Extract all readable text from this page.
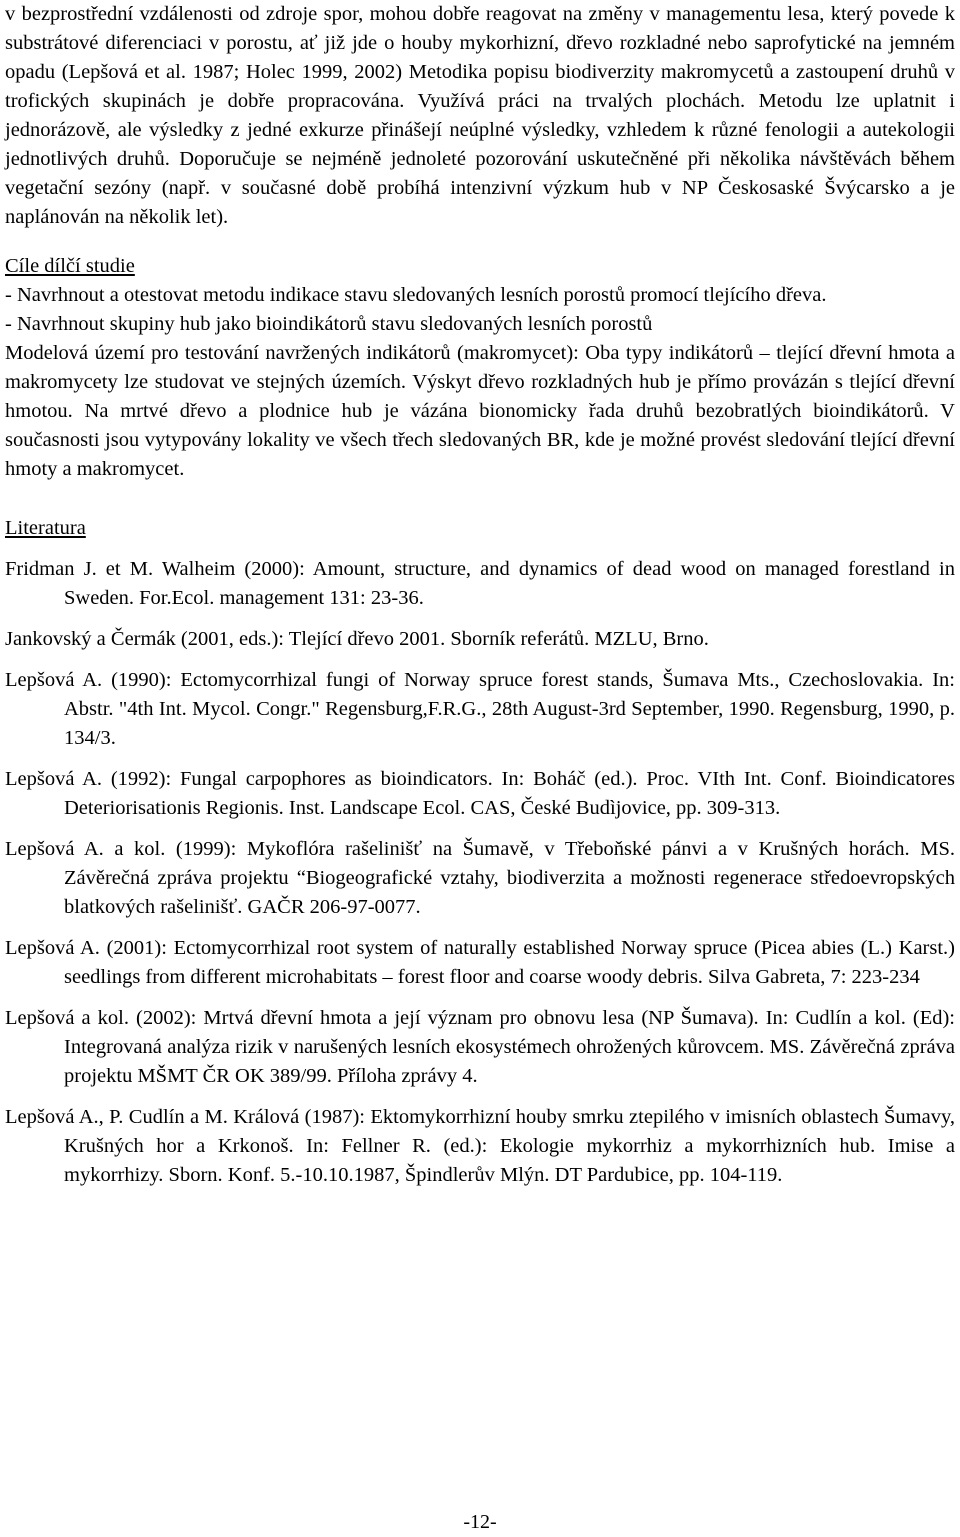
v bezprostřední vzdálenosti od zdroje spor, mohou dobře reagovat na změny v managementu lesa, který povede k substrátové diferenciaci v porostu, ať již jde o houby mykorhizní, dřevo rozkladné nebo saprofytické na jemném opadu (Lepšová et al. 1987; Holec 1999, 2002) Metodika popisu biodiverzity makromycetů a zastoupení druhů v trofických skupinách je dobře propracována. Využívá práci na trvalých plochách. Metodu lze uplatnit i jednorázově, ale výsledky z jedné exkurze přinášejí neúplné výsledky, vzhledem k různé fenologii a autekologii jednotlivých druhů. Doporučuje se nejméně jednoleté pozorování uskutečněné při několika návštěvách během vegetační sezóny (např. v současné době probíhá intenzivní výzkum hub v NP Českosaské Švýcarsko a je naplánován na několik let).

Cíle dílčí studie

- Navrhnout a otestovat metodu indikace stavu sledovaných lesních porostů promocí tlejícího dřeva.

- Navrhnout skupiny hub jako bioindikátorů stavu sledovaných lesních porostů

Modelová území pro testování navržených indikátorů (makromycet): Oba typy indikátorů – tlející dřevní hmota a makromycety lze studovat ve stejných územích. Výskyt dřevo rozkladných hub je přímo provázán s tlející dřevní hmotou. Na mrtvé dřevo a plodnice hub je vázána bionomicky řada druhů bezobratlých bioindikátorů. V současnosti jsou vytypovány lokality ve všech třech sledovaných BR, kde je možné provést sledování tlející dřevní hmoty a makromycet.

Literatura
Fridman J. et M. Walheim (2000): Amount, structure, and dynamics of dead wood on managed forestland in Sweden. For.Ecol. management 131: 23-36.
Jankovský a Čermák (2001, eds.): Tlející dřevo 2001. Sborník referátů. MZLU, Brno.
Lepšová A. (1990): Ectomycorrhizal fungi of Norway spruce forest stands, Šumava Mts., Czechoslovakia. In: Abstr. "4th Int. Mycol. Congr." Regensburg,F.R.G., 28th August-3rd September, 1990. Regensburg, 1990, p. 134/3.
Lepšová A. (1992): Fungal carpophores as bioindicators. In: Boháč (ed.). Proc. VIth Int. Conf. Bioindicatores Deteriorisationis Regionis. Inst. Landscape Ecol. CAS, České Budìjovice, pp. 309-313.
Lepšová A. a kol. (1999): Mykoflóra rašelinišť na Šumavě, v Třeboňské pánvi a v Krušných horách. MS. Závěrečná zpráva projektu “Biogeografické vztahy, biodiverzita a možnosti regenerace středoevropských blatkových rašelinišť. GAČR 206-97-0077.
Lepšová A. (2001): Ectomycorrhizal root system of naturally established Norway spruce (Picea abies (L.) Karst.) seedlings from different microhabitats – forest floor and coarse woody debris. Silva Gabreta, 7: 223-234
Lepšová a kol. (2002): Mrtvá dřevní hmota a její význam pro obnovu lesa (NP Šumava). In: Cudlín a kol. (Ed): Integrovaná analýza rizik v narušených lesních ekosystémech ohrožených kůrovcem. MS. Závěrečná zpráva projektu MŠMT ČR OK 389/99. Příloha zprávy 4.
Lepšová A., P. Cudlín a M. Králová (1987): Ektomykorrhizní houby smrku ztepilého v imisních oblastech Šumavy, Krušných hor a Krkonoš. In: Fellner R. (ed.): Ekologie mykorrhiz a mykorrhizních hub. Imise a mykorrhizy. Sborn. Konf. 5.-10.10.1987, Špindlerův Mlýn. DT Pardubice, pp. 104-119.
-12-
